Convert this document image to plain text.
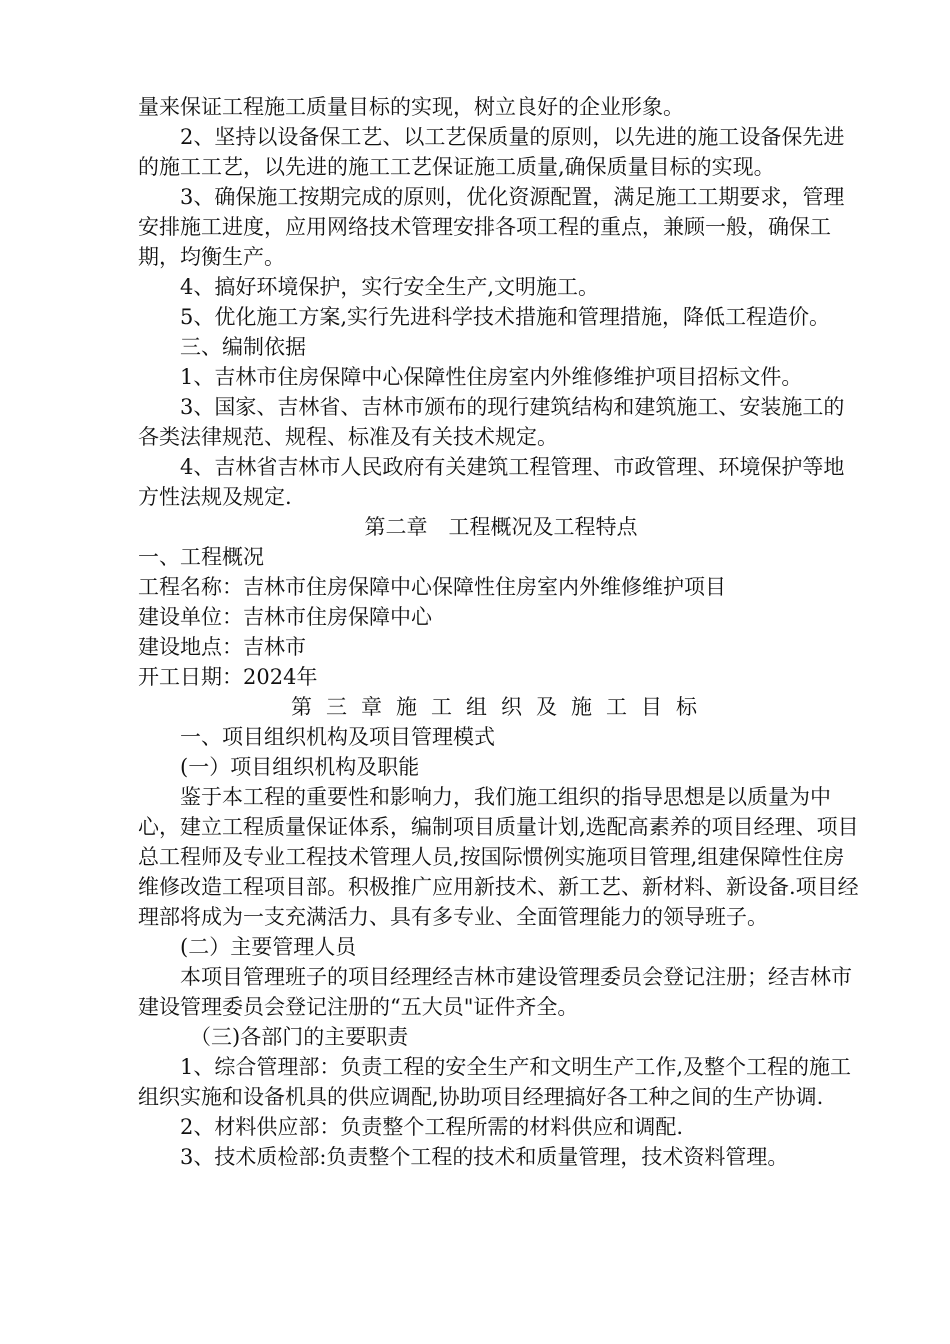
量来保证工程施工质量目标的实现，树立良好的企业形象。

2、坚持以设备保工艺、以工艺保质量的原则，以先进的施工设备保先进的施工工艺，以先进的施工工艺保证施工质量,确保质量目标的实现。

3、确保施工按期完成的原则，优化资源配置，满足施工工期要求，管理安排施工进度，应用网络技术管理安排各项工程的重点，兼顾一般，确保工期，均衡生产。

4、搞好环境保护，实行安全生产,文明施工。

5、优化施工方案,实行先进科学技术措施和管理措施，降低工程造价。

三、编制依据

1、吉林市住房保障中心保障性住房室内外维修维护项目招标文件。

3、国家、吉林省、吉林市颁布的现行建筑结构和建筑施工、安装施工的各类法律规范、规程、标准及有关技术规定。

4、吉林省吉林市人民政府有关建筑工程管理、市政管理、环境保护等地方性法规及规定.

第二章　工程概况及工程特点

一、工程概况

工程名称：吉林市住房保障中心保障性住房室内外维修维护项目

建设单位：吉林市住房保障中心

建设地点：吉林市

开工日期：2024年

第三章施工组织及施工目标

一、项目组织机构及项目管理模式

(一）项目组织机构及职能

鉴于本工程的重要性和影响力，我们施工组织的指导思想是以质量为中心，建立工程质量保证体系，编制项目质量计划,选配高素养的项目经理、项目总工程师及专业工程技术管理人员,按国际惯例实施项目管理,组建保障性住房维修改造工程项目部。积极推广应用新技术、新工艺、新材料、新设备.项目经理部将成为一支充满活力、具有多专业、全面管理能力的领导班子。

(二）主要管理人员

本项目管理班子的项目经理经吉林市建设管理委员会登记注册；经吉林市建设管理委员会登记注册的“五大员"证件齐全。

（三)各部门的主要职责

1、综合管理部：负责工程的安全生产和文明生产工作,及整个工程的施工组织实施和设备机具的供应调配,协助项目经理搞好各工种之间的生产协调.

2、材料供应部：负责整个工程所需的材料供应和调配.

3、技术质检部:负责整个工程的技术和质量管理，技术资料管理。
